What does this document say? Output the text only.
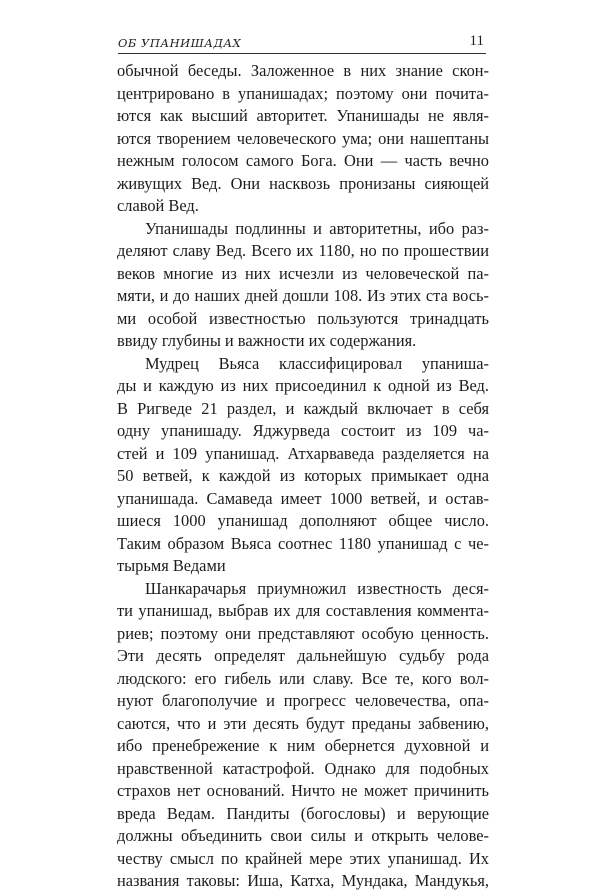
ОБ УПАНИШАДАХ	11
обычной беседы. Заложенное в них знание скон-
центрировано в упанишадах; поэтому они почита-
ются как высший авторитет. Упанишады не явля-
ются творением человеческого ума; они нашептаны
нежным голосом самого Бога. Они — часть вечно
живущих Вед. Они насквозь пронизаны сияющей
славой Вед.
Упанишады подлинны и авторитетны, ибо раз-
деляют славу Вед. Всего их 1180, но по прошествии
веков многие из них исчезли из человеческой па-
мяти, и до наших дней дошли 108. Из этих ста вось-
ми особой известностью пользуются тринадцать
ввиду глубины и важности их содержания.
Мудрец Вьяса классифицировал упаниша-
ды и каждую из них присоединил к одной из Вед.
В Ригведе 21 раздел, и каждый включает в себя
одну упанишаду. Яджурведа состоит из 109 ча-
стей и 109 упанишад. Атхарваведа разделяется на
50 ветвей, к каждой из которых примыкает одна
упанишада. Самаведа имеет 1000 ветвей, и остав-
шиеся 1000 упанишад дополняют общее число.
Таким образом Вьяса соотнес 1180 упанишад с че-
тырьмя Ведами
Шанкарачарья приумножил известность деся-
ти упанишад, выбрав их для составления коммента-
риев; поэтому они представляют особую ценность.
Эти десять определят дальнейшую судьбу рода
людского: его гибель или славу. Все те, кого вол-
нуют благополучие и прогресс человечества, опа-
саются, что и эти десять будут преданы забвению,
ибо пренебрежение к ним обернется духовной и
нравственной катастрофой. Однако для подобных
страхов нет оснований. Ничто не может причинить
вреда Ведам. Пандиты (богословы) и верующие
должны объединить свои силы и открыть челове-
честву смысл по крайней мере этих упанишад. Их
названия таковы: Иша, Катха, Мундака, Мандукья,
